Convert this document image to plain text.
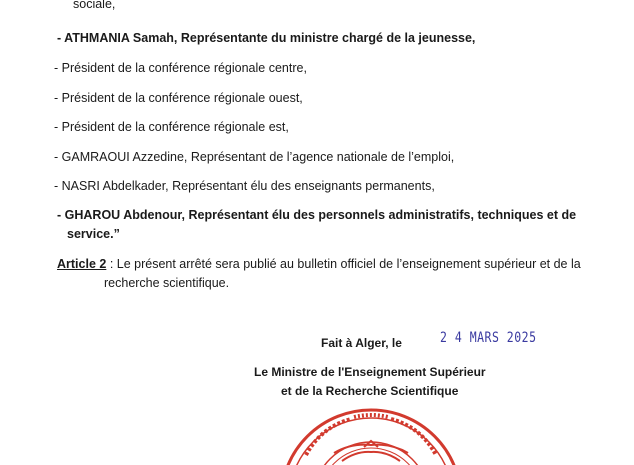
sociale,
- ATHMANIA Samah, Représentante du ministre chargé de la jeunesse,
- Président de la conférence régionale centre,
- Président de la conférence régionale ouest,
- Président de la conférence régionale est,
- GAMRAOUI Azzedine, Représentant de l’agence nationale de l’emploi,
- NASRI Abdelkader, Représentant élu des enseignants permanents,
- GHAROU Abdenour, Représentant élu des personnels administratifs, techniques et de
service.”
Article 2 : Le présent arrêté sera publié au bulletin officiel de l’enseignement supérieur et de la
recherche scientifique.
Fait à Alger, le	2 4 MARS 2025
Le Ministre de l'Enseignement Supérieur
et de la Recherche Scientifique
